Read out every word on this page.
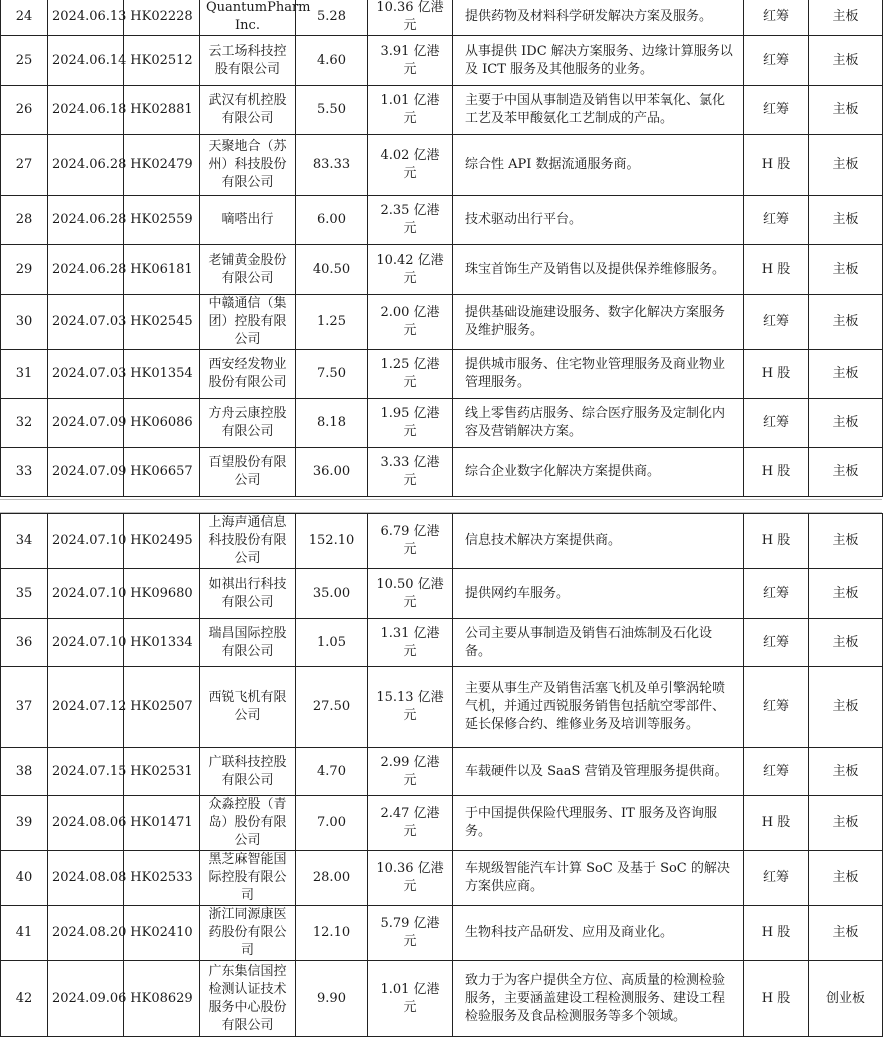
24	2024.06.13	HK02228	QuantumPharm Inc.	5.28	10.36 亿港元	提供药物及材料科学研发解决方案及服务。	红筹	主板
25	2024.06.14	HK02512	云工场科技控股有限公司	4.60	3.91 亿港元	从事提供 IDC 解决方案服务、边缘计算服务以及 ICT 服务及其他服务的业务。	红筹	主板
26	2024.06.18	HK02881	武汉有机控股有限公司	5.50	1.01 亿港元	主要于中国从事制造及销售以甲苯氧化、氯化工艺及苯甲酸氨化工艺制成的产品。	红筹	主板
27	2024.06.28	HK02479	天聚地合（苏州）科技股份有限公司	83.33	4.02 亿港元	综合性 API 数据流通服务商。	H 股	主板
28	2024.06.28	HK02559	嘀嗒出行	6.00	2.35 亿港元	技术驱动出行平台。	红筹	主板
29	2024.06.28	HK06181	老铺黄金股份有限公司	40.50	10.42 亿港元	珠宝首饰生产及销售以及提供保养维修服务。	H 股	主板
30	2024.07.03	HK02545	中赣通信（集团）控股有限公司	1.25	2.00 亿港元	提供基础设施建设服务、数字化解决方案服务及维护服务。	红筹	主板
31	2024.07.03	HK01354	西安经发物业股份有限公司	7.50	1.25 亿港元	提供城市服务、住宅物业管理服务及商业物业管理服务。	H 股	主板
32	2024.07.09	HK06086	方舟云康控股有限公司	8.18	1.95 亿港元	线上零售药店服务、综合医疗服务及定制化内容及营销解决方案。	红筹	主板
33	2024.07.09	HK06657	百望股份有限公司	36.00	3.33 亿港元	综合企业数字化解决方案提供商。	H 股	主板
34	2024.07.10	HK02495	上海声通信息科技股份有限公司	152.10	6.79 亿港元	信息技术解决方案提供商。	H 股	主板
35	2024.07.10	HK09680	如祺出行科技有限公司	35.00	10.50 亿港元	提供网约车服务。	红筹	主板
36	2024.07.10	HK01334	瑞昌国际控股有限公司	1.05	1.31 亿港元	公司主要从事制造及销售石油炼制及石化设备。	红筹	主板
37	2024.07.12	HK02507	西锐飞机有限公司	27.50	15.13 亿港元	主要从事生产及销售活塞飞机及单引擎涡轮喷气机，并通过西锐服务销售包括航空零部件、延长保修合约、维修业务及培训等服务。	红筹	主板
38	2024.07.15	HK02531	广联科技控股有限公司	4.70	2.99 亿港元	车载硬件以及 SaaS 营销及管理服务提供商。	红筹	主板
39	2024.08.06	HK01471	众淼控股（青岛）股份有限公司	7.00	2.47 亿港元	于中国提供保险代理服务、IT 服务及咨询服务。	H 股	主板
40	2024.08.08	HK02533	黑芝麻智能国际控股有限公司	28.00	10.36 亿港元	车规级智能汽车计算 SoC 及基于 SoC 的解决方案供应商。	红筹	主板
41	2024.08.20	HK02410	浙江同源康医药股份有限公司	12.10	5.79 亿港元	生物科技产品研发、应用及商业化。	H 股	主板
42	2024.09.06	HK08629	广东集信国控检测认证技术服务中心股份有限公司	9.90	1.01 亿港元	致力于为客户提供全方位、高质量的检测检验服务，主要涵盖建设工程检测服务、建设工程检验服务及食品检测服务等多个领域。	H 股	创业板
